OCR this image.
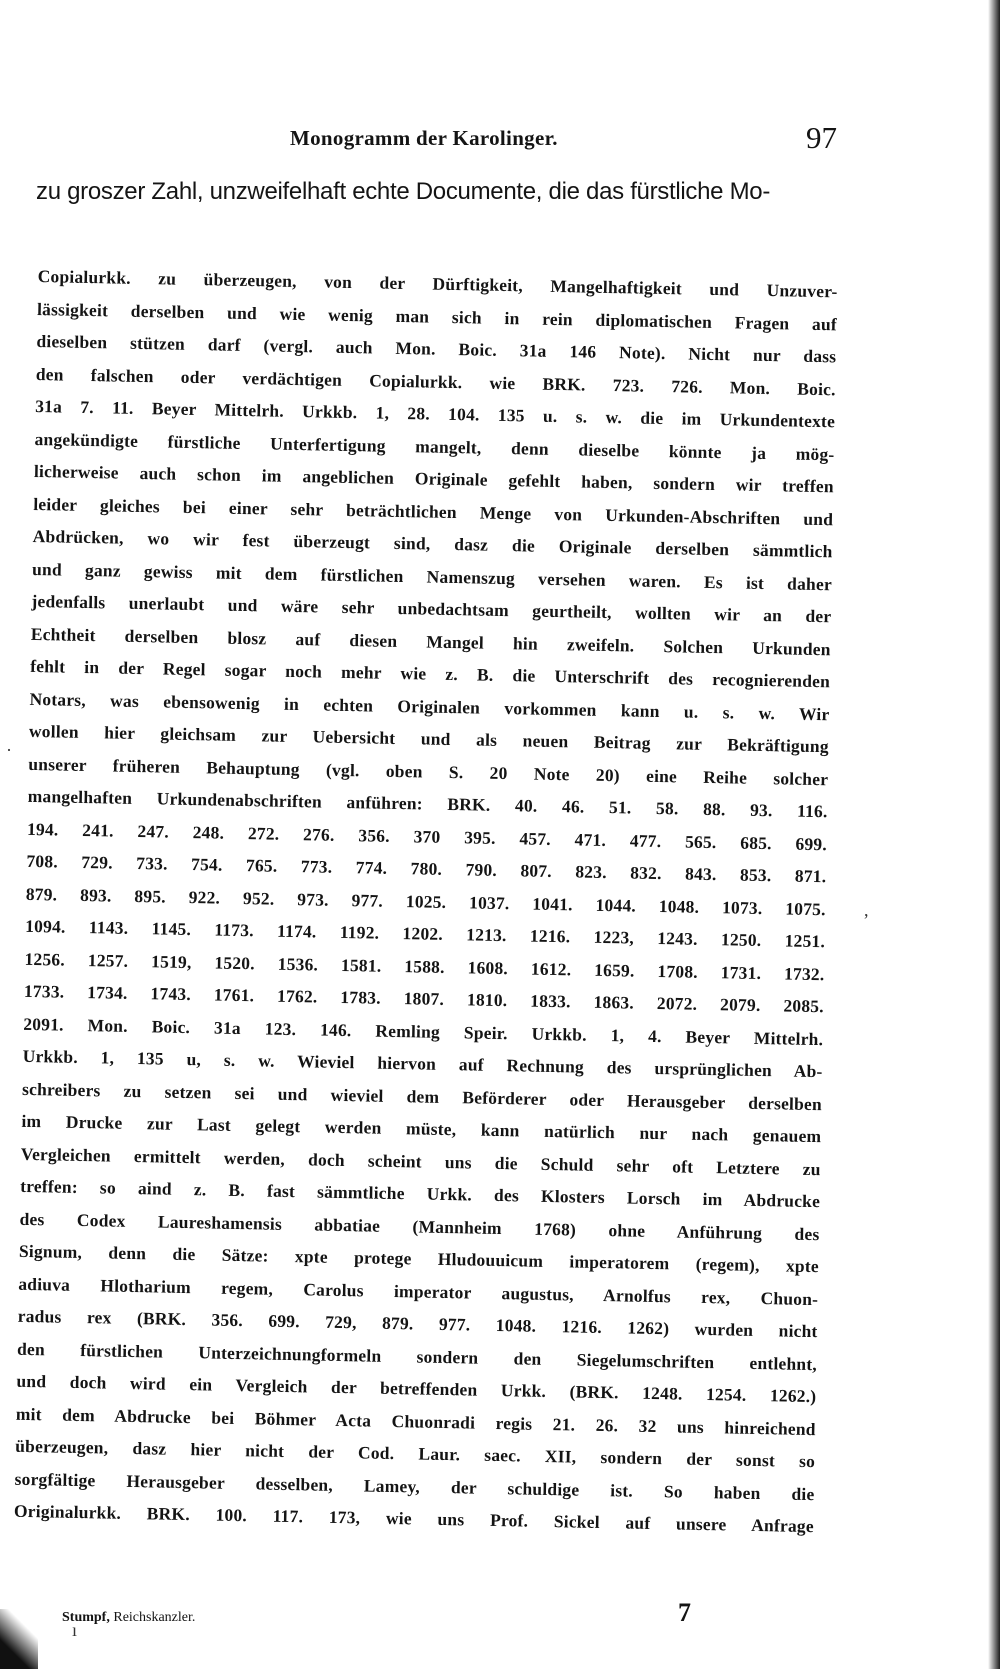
,
·
ı
Monogramm der Karolinger.	97
zu groszer Zahl, unzweifelhaft echte Documente, die das fürstliche Mo-
Copialurkk. zu überzeugen, von der Dürftigkeit, Mangelhaftigkeit und Unzuver-
lässigkeit derselben und wie wenig man sich in rein diplomatischen Fragen auf
dieselben stützen darf (vergl. auch Mon. Boic. 31a 146 Note). Nicht nur dass
den falschen oder verdächtigen Copialurkk. wie BRK. 723. 726. Mon. Boic.
31a 7. 11. Beyer Mittelrh. Urkkb. 1, 28. 104. 135 u. s. w. die im Urkundentexte
angekündigte fürstliche Unterfertigung mangelt, denn dieselbe könnte ja mög-
licherweise auch schon im angeblichen Originale gefehlt haben, sondern wir treffen
leider gleiches bei einer sehr beträchtlichen Menge von Urkunden-Abschriften und
Abdrücken, wo wir fest überzeugt sind, dasz die Originale derselben sämmtlich
und ganz gewiss mit dem fürstlichen Namenszug versehen waren. Es ist daher
jedenfalls unerlaubt und wäre sehr unbedachtsam geurtheilt, wollten wir an der
Echtheit derselben blosz auf diesen Mangel hin zweifeln. Solchen Urkunden
fehlt in der Regel sogar noch mehr wie z. B. die Unterschrift des recognierenden
Notars, was ebensowenig in echten Originalen vorkommen kann u. s. w. Wir
wollen hier gleichsam zur Uebersicht und als neuen Beitrag zur Bekräftigung
unserer früheren Behauptung (vgl. oben S. 20 Note 20) eine Reihe solcher
mangelhaften Urkundenabschriften anführen: BRK. 40. 46. 51. 58. 88. 93. 116.
194. 241. 247. 248. 272. 276. 356. 370 395. 457. 471. 477. 565. 685. 699.
708. 729. 733. 754. 765. 773. 774. 780. 790. 807. 823. 832. 843. 853. 871.
879. 893. 895. 922. 952. 973. 977. 1025. 1037. 1041. 1044. 1048. 1073. 1075.
1094. 1143. 1145. 1173. 1174. 1192. 1202. 1213. 1216. 1223, 1243. 1250. 1251.
1256. 1257. 1519, 1520. 1536. 1581. 1588. 1608. 1612. 1659. 1708. 1731. 1732.
1733. 1734. 1743. 1761. 1762. 1783. 1807. 1810. 1833. 1863. 2072. 2079. 2085.
2091. Mon. Boic. 31a 123. 146. Remling Speir. Urkkb. 1, 4. Beyer Mittelrh.
Urkkb. 1, 135 u, s. w. Wieviel hiervon auf Rechnung des ursprünglichen Ab-
schreibers zu setzen sei und wieviel dem Beförderer oder Herausgeber derselben
im Drucke zur Last gelegt werden müste, kann natürlich nur nach genauem
Vergleichen ermittelt werden, doch scheint uns die Schuld sehr oft Letztere zu
treffen: so aind z. B. fast sämmtliche Urkk. des Klosters Lorsch im Abdrucke
des Codex Laureshamensis abbatiae (Mannheim 1768) ohne Anführung des
Signum, denn die Sätze: xpte protege Hludouuicum imperatorem (regem), xpte
adiuva Hlotharium regem, Carolus imperator augustus, Arnolfus rex, Chuon-
radus rex (BRK. 356. 699. 729, 879. 977. 1048. 1216. 1262) wurden nicht
den fürstlichen Unterzeichnungformeln sondern den Siegelumschriften entlehnt,
und doch wird ein Vergleich der betreffenden Urkk. (BRK. 1248. 1254. 1262.)
mit dem Abdrucke bei Böhmer Acta Chuonradi regis 21. 26. 32 uns hinreichend
überzeugen, dasz hier nicht der Cod. Laur. saec. XII, sondern der sonst so
sorgfältige Herausgeber desselben, Lamey, der schuldige ist. So haben die
Originalurkk. BRK. 100. 117. 173, wie uns Prof. Sickel auf unsere Anfrage
Stumpf, Reichskanzler.	7
